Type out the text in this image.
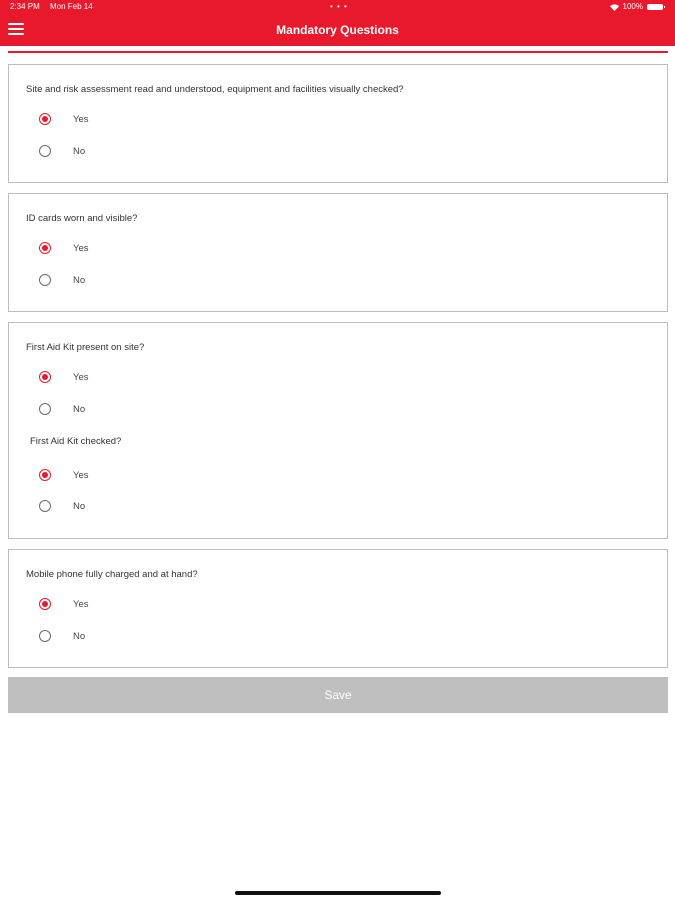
2:34 PM Mon Feb 14	• • •	100%
Mandatory Questions
Site and risk assessment read and understood, equipment and facilities visually checked?
Yes
No
ID cards worn and visible?
Yes
No
First Aid Kit present on site?
Yes
No
First Aid Kit checked?
Yes
No
Mobile phone fully charged and at hand?
Yes
No
Save
